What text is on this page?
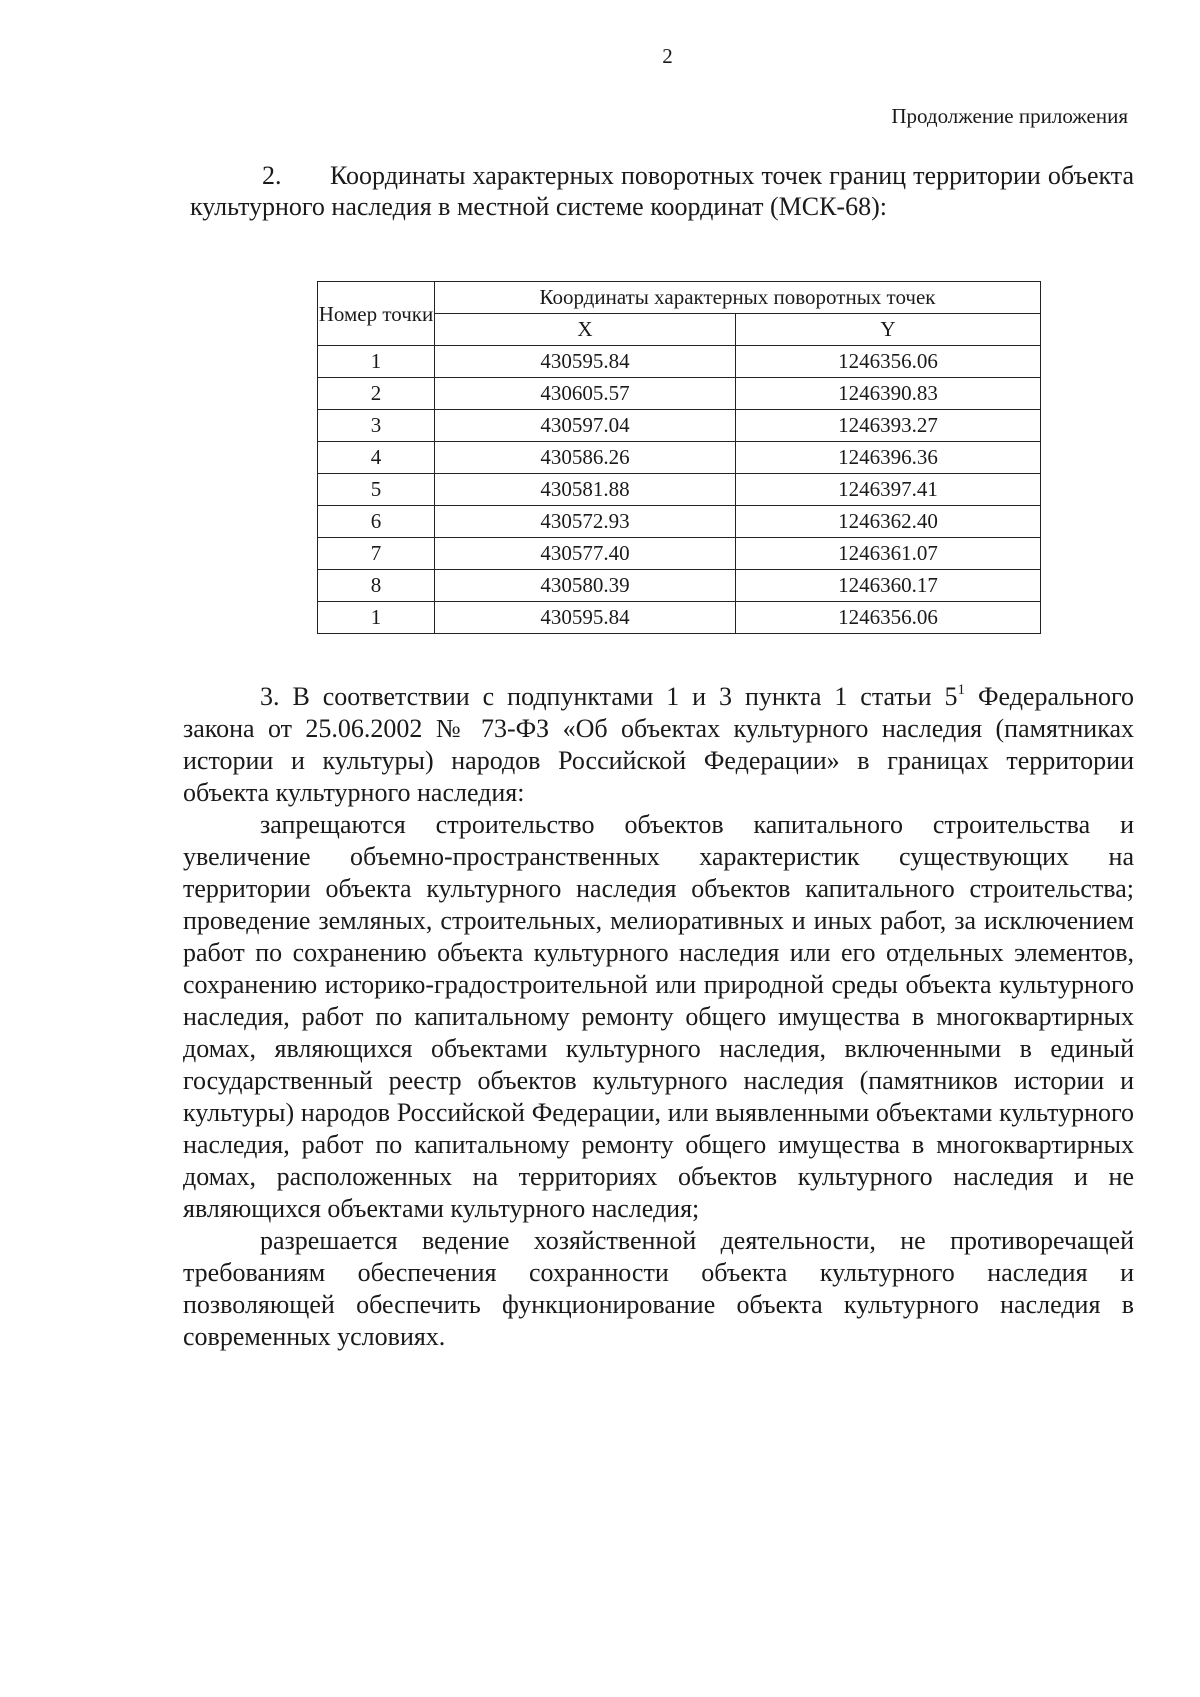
2
Продолжение приложения
2. Координаты характерных поворотных точек границ территории объекта культурного наследия в местной системе координат (МСК-68):
Номер точки	Координаты характерных поворотных точек	
	X	Y
1	430595.84	1246356.06
2	430605.57	1246390.83
3	430597.04	1246393.27
4	430586.26	1246396.36
5	430581.88	1246397.41
6	430572.93	1246362.40
7	430577.40	1246361.07
8	430580.39	1246360.17
1	430595.84	1246356.06

3. В соответствии с подпунктами 1 и 3 пункта 1 статьи $5^1$ Федерального закона от 25.06.2002 № 73-ФЗ «Об объектах культурного наследия (памятниках истории и культуры) народов Российской Федерации» в границах территории объекта культурного наследия:

запрещаются строительство объектов капитального строительства и увеличение объемно-пространственных характеристик существующих на территории объекта культурного наследия объектов капитального строительства; проведение земляных, строительных, мелиоративных и иных работ, за исключением работ по сохранению объекта культурного наследия или его отдельных элементов, сохранению историко-градостроительной или природной среды объекта культурного наследия, работ по капитальному ремонту общего имущества в многоквартирных домах, являющихся объектами культурного наследия, включенными в единый государственный реестр объектов культурного наследия (памятников истории и культуры) народов Российской Федерации, или выявленными объектами культурного наследия, работ по капитальному ремонту общего имущества в многоквартирных домах, расположенных на территориях объектов культурного наследия и не являющихся объектами культурного наследия;

разрешается ведение хозяйственной деятельности, не противоречащей требованиям обеспечения сохранности объекта культурного наследия и позволяющей обеспечить функционирование объекта культурного наследия в современных условиях.
